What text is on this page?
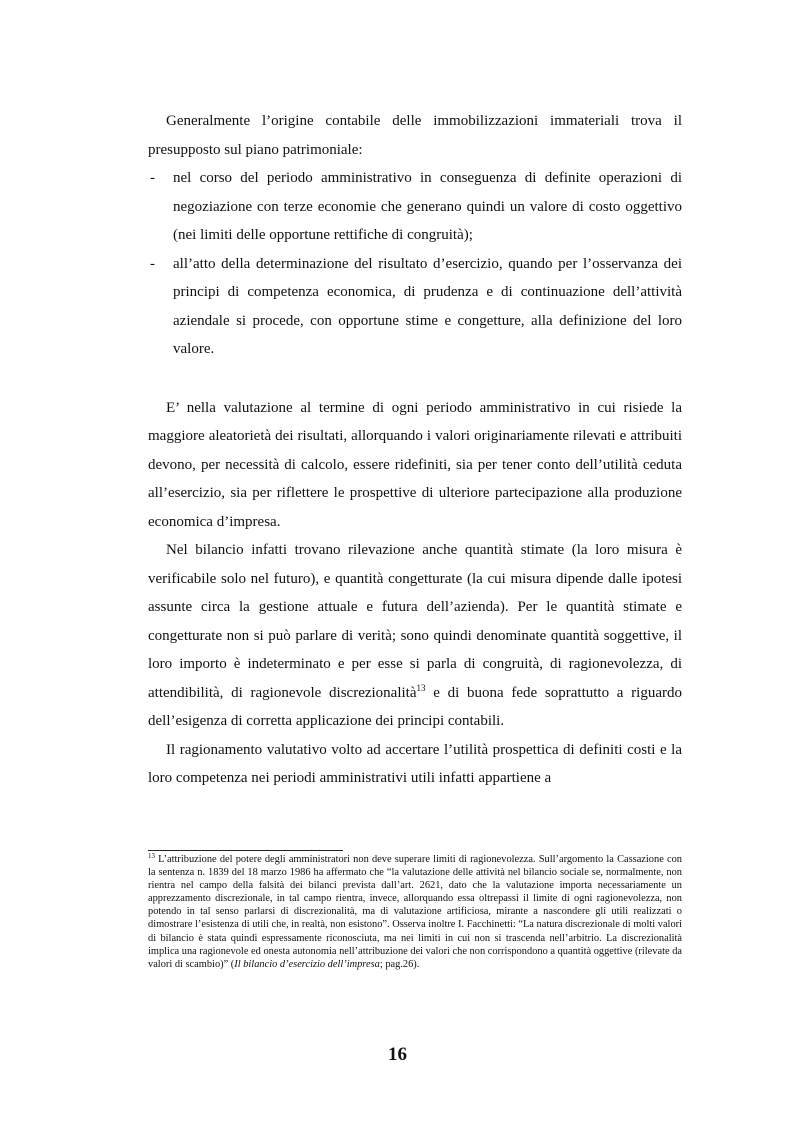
Generalmente l’origine contabile delle immobilizzazioni immateriali trova il presupposto sul piano patrimoniale:

- nel corso del periodo amministrativo in conseguenza di definite operazioni di negoziazione con terze economie che generano quindi un valore di costo oggettivo (nei limiti delle opportune rettifiche di congruità);
- all’atto della determinazione del risultato d’esercizio, quando per l’osservanza dei principi di competenza economica, di prudenza e di continuazione dell’attività aziendale si procede, con opportune stime e congetture, alla definizione del loro valore.

E’ nella valutazione al termine di ogni periodo amministrativo in cui risiede la maggiore aleatorietà dei risultati, allorquando i valori originariamente rilevati e attribuiti devono, per necessità di calcolo, essere ridefiniti, sia per tener conto dell’utilità ceduta all’esercizio, sia per riflettere le prospettive di ulteriore partecipazione alla produzione economica d’impresa.

Nel bilancio infatti trovano rilevazione anche quantità stimate (la loro misura è verificabile solo nel futuro), e quantità congetturate (la cui misura dipende dalle ipotesi assunte circa la gestione attuale e futura dell’azienda). Per le quantità stimate e congetturate non si può parlare di verità; sono quindi denominate quantità soggettive, il loro importo è indeterminato e per esse si parla di congruità, di ragionevolezza, di attendibilità, di ragionevole discrezionalità$^{13}$ e di buona fede soprattutto a riguardo dell’esigenza di corretta applicazione dei principi contabili.

Il ragionamento valutativo volto ad accertare l’utilità prospettica di definiti costi e la loro competenza nei periodi amministrativi utili infatti appartiene a

$^{13}$ L’attribuzione del potere degli amministratori non deve superare limiti di ragionevolezza. Sull’argomento la Cassazione con la sentenza n. 1839 del 18 marzo 1986 ha affermato che “la valutazione delle attività nel bilancio sociale se, normalmente, non rientra nel campo della falsità dei bilanci prevista dall’art. 2621, dato che la valutazione importa necessariamente un apprezzamento discrezionale, in tal campo rientra, invece, allorquando essa oltrepassi il limite di ogni ragionevolezza, non potendo in tal senso parlarsi di discrezionalità, ma di valutazione artificiosa, mirante a nascondere gli utili realizzati o dimostrare l’esistenza di utili che, in realtà, non esistono”. Osserva inoltre I. Facchinetti: “La natura discrezionale di molti valori di bilancio è stata quindi espressamente riconosciuta, ma nei limiti in cui non si trascenda nell’arbitrio. La discrezionalità implica una ragionevole ed onesta autonomia nell’attribuzione dei valori che non corrispondono a quantità oggettive (rilevate da valori di scambio)” (Il bilancio d’esercizio dell’impresa; pag.26).

16
